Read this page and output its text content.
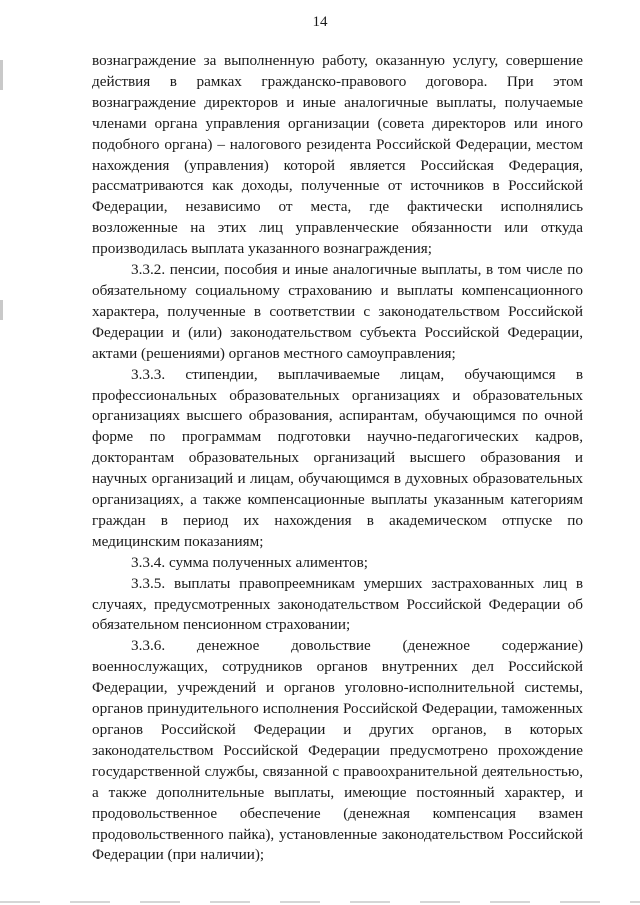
14

вознаграждение за выполненную работу, оказанную услугу, совершение действия в рамках гражданско-правового договора. При этом вознаграждение директоров и иные аналогичные выплаты, получаемые членами органа управления организации (совета директоров или иного подобного органа) – налогового резидента Российской Федерации, местом нахождения (управления) которой является Российская Федерация, рассматриваются как доходы, полученные от источников в Российской Федерации, независимо от места, где фактически исполнялись возложенные на этих лиц управленческие обязанности или откуда производилась выплата указанного вознаграждения;

3.3.2. пенсии, пособия и иные аналогичные выплаты, в том числе по обязательному социальному страхованию и выплаты компенсационного характера, полученные в соответствии с законодательством Российской Федерации и (или) законодательством субъекта Российской Федерации, актами (решениями) органов местного самоуправления;

3.3.3. стипендии, выплачиваемые лицам, обучающимся в профессиональных образовательных организациях и образовательных организациях высшего образования, аспирантам, обучающимся по очной форме по программам подготовки научно-педагогических кадров, докторантам образовательных организаций высшего образования и научных организаций и лицам, обучающимся в духовных образовательных организациях, а также компенсационные выплаты указанным категориям граждан в период их нахождения в академическом отпуске по медицинским показаниям;

3.3.4. сумма полученных алиментов;

3.3.5. выплаты правопреемникам умерших застрахованных лиц в случаях, предусмотренных законодательством Российской Федерации об обязательном пенсионном страховании;

3.3.6. денежное довольствие (денежное содержание) военнослужащих, сотрудников органов внутренних дел Российской Федерации, учреждений и органов уголовно-исполнительной системы, органов принудительного исполнения Российской Федерации, таможенных органов Российской Федерации и других органов, в которых законодательством Российской Федерации предусмотрено прохождение государственной службы, связанной с правоохранительной деятельностью, а также дополнительные выплаты, имеющие постоянный характер, и продовольственное обеспечение (денежная компенсация взамен продовольственного пайка), установленные законодательством Российской Федерации (при наличии);
